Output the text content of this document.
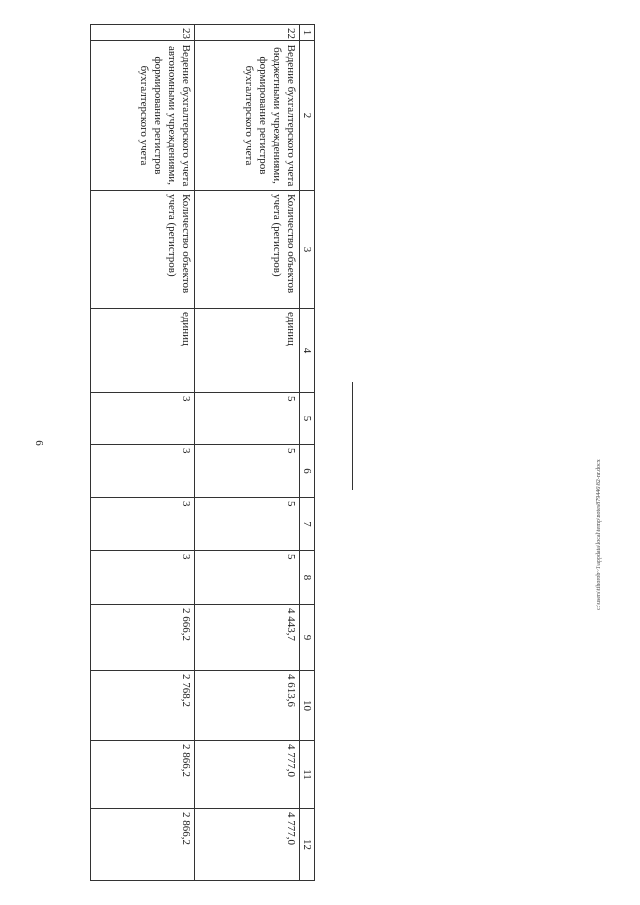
6
c:\users\tihorob~1\appdata\local\temp\notes879446\82-nr.docx
1	2	3	4	5	6	7	8	9	10	11	12
22	Ведение бухгалтерского учета бюджетными учреждениями, формирование регистров бухгалтерского учета	Количество объектов учета (регистров)	единиц	5	5	5	5	4 443,7	4 613,6	4 777,0	4 777,0
23	Ведение бухгалтерского учета автономными учреждениями, формирование регистров бухгалтерского учета	Количество объектов учета (регистров)	единиц	3	3	3	3	2 666,2	2 768,2	2 866,2	2 866,2
